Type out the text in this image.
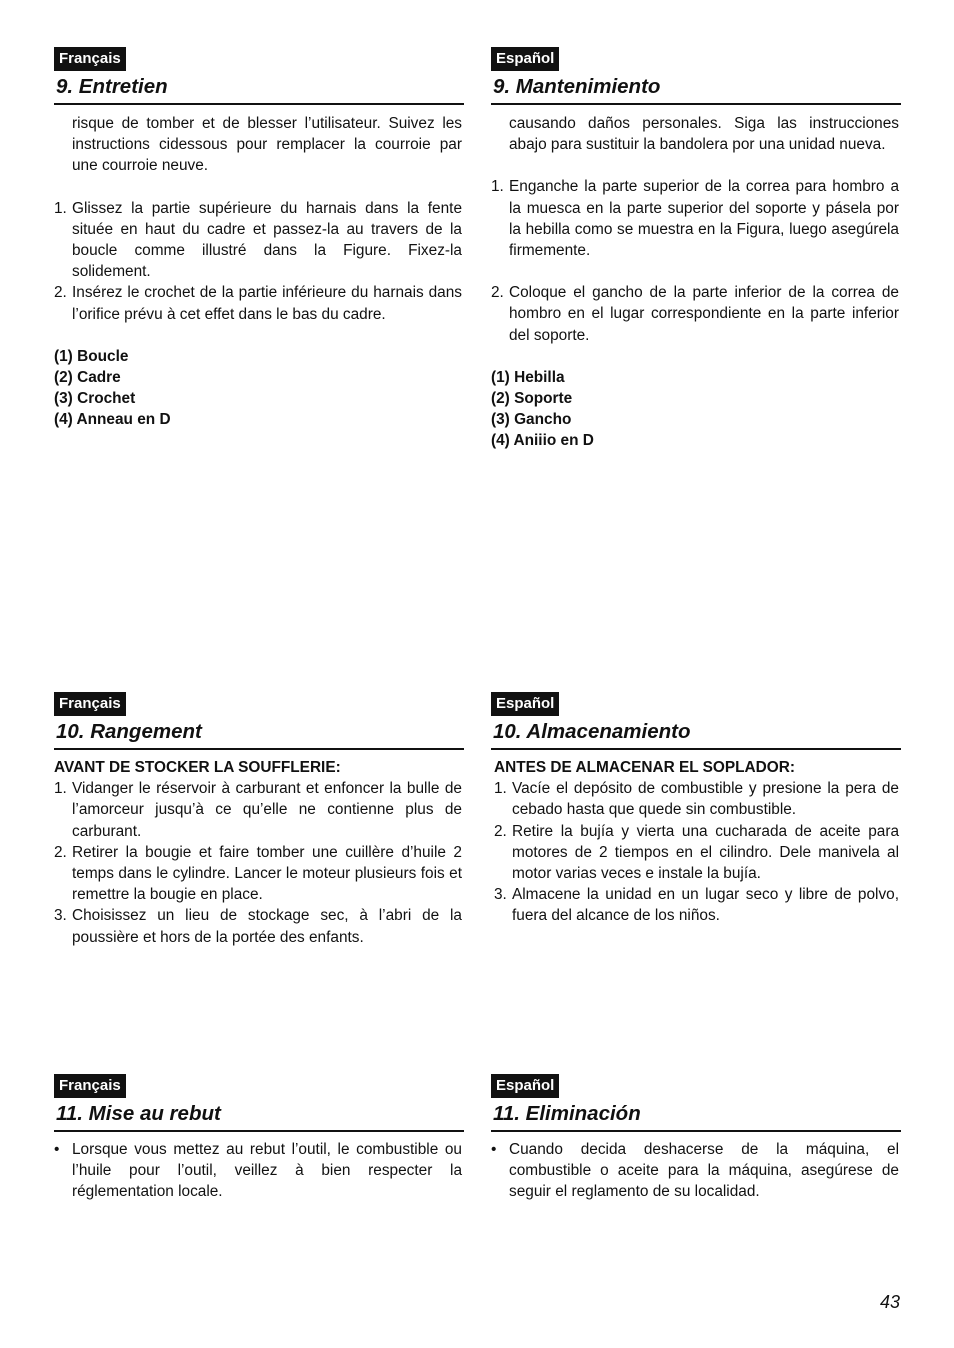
Français
9. Entretien
Español
9. Mantenimiento

risque de tomber et de blesser l’utilisateur. Suivez les instructions cidessous pour remplacer la courroie par une courroie neuve.

1. Glissez la partie supérieure du harnais dans la fente située en haut du cadre et passez-la au travers de la boucle comme illustré dans la Figure. Fixez-la solidement.
2. Insérez le crochet de la partie inférieure du harnais dans l’orifice prévu à cet effet dans le bas du cadre.
(1) Boucle
(2) Cadre
(3) Crochet
(4) Anneau en D

causando daños personales. Siga las instrucciones abajo para sustituir la bandolera por una unidad nueva.

1. Enganche la parte superior de la correa para hombro a la muesca en la parte superior del soporte y pásela por la hebilla como se muestra en la Figura, luego asegúrela firmemente.
2. Coloque el gancho de la parte inferior de la correa de hombro en el lugar correspondiente en la parte inferior del soporte.
(1) Hebilla
(2) Soporte
(3) Gancho
(4) Aniiio en D
Français
10. Rangement
Español
10. Almacenamiento
AVANT DE STOCKER LA SOUFFLERIE:
1. Vidanger le réservoir à carburant et enfoncer la bulle de l’amorceur jusqu’à ce qu’elle ne contienne plus de carburant.
2. Retirer la bougie et faire tomber une cuillère d’huile 2 temps dans le cylindre. Lancer le moteur plusieurs fois et remettre la bougie en place.
3. Choisissez un lieu de stockage sec, à l’abri de la poussière et hors de la portée des enfants.
ANTES DE ALMACENAR EL SOPLADOR:
1. Vacíe el depósito de combustible y presione la pera de cebado hasta que quede sin combustible.
2. Retire la bujía y vierta una cucharada de aceite para motores de 2 tiempos en el cilindro. Dele manivela al motor varias veces e instale la bujía.
3. Almacene la unidad en un lugar seco y libre de polvo, fuera del alcance de los niños.
Français
11. Mise au rebut
Español
11. Eliminación
• Lorsque vous mettez au rebut l’outil, le combustible ou l’huile pour l’outil, veillez à bien respecter la réglementation locale.
• Cuando decida deshacerse de la máquina, el combustible o aceite para la máquina, asegúrese de seguir el reglamento de su localidad.
43
